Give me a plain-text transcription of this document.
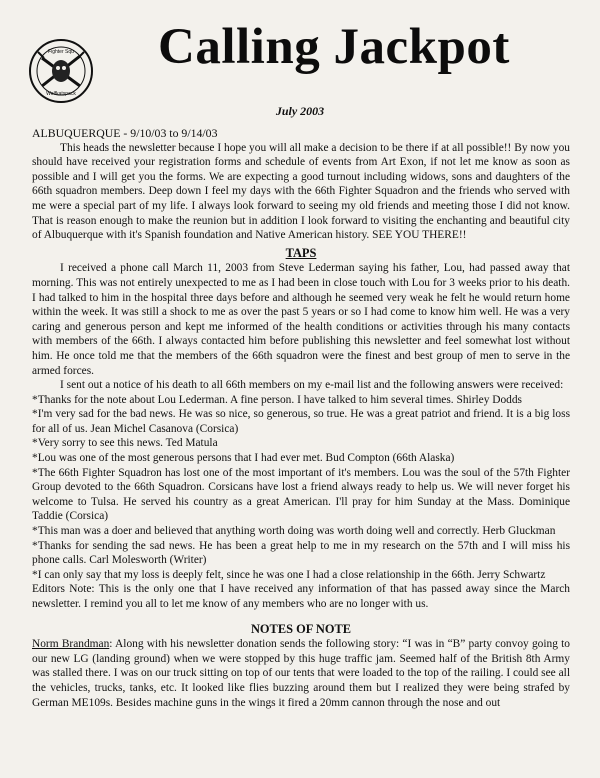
Fighter Squ
Wolfkatspack
Calling Jackpot
July 2003

ALBUQUERQUE - 9/10/03 to 9/14/03

This heads the newsletter because I hope you will all make a decision to be there if at all possible!! By now you should have received your registration forms and schedule of events from Art Exon, if not let me know as soon as possible and I will get you the forms. We are expecting a good turnout including widows, sons and daughters of the 66th squadron members. Deep down I feel my days with the 66th Fighter Squadron and the friends who served with me were a special part of my life. I always look forward to seeing my old friends and meeting those I did not know. That is reason enough to make the reunion but in addition I look forward to visiting the enchanting and beautiful city of Albuquerque with it's Spanish foundation and Native American history. SEE YOU THERE!!

TAPS

I received a phone call March 11, 2003 from Steve Lederman saying his father, Lou, had passed away that morning. This was not entirely unexpected to me as I had been in close touch with Lou for 3 weeks prior to his death. I had talked to him in the hospital three days before and although he seemed very weak he felt he would return home within the week. It was still a shock to me as over the past 5 years or so I had come to know him well. He was a very caring and generous person and kept me informed of the health conditions or activities through his many contacts with members of the 66th. I always contacted him before publishing this newsletter and feel somewhat lost without him. He once told me that the members of the 66th squadron were the finest and best group of men to serve in the armed forces.

I sent out a notice of his death to all 66th members on my e-mail list and the following answers were received:

*Thanks for the note about Lou Lederman. A fine person. I have talked to him several times. Shirley Dodds

*I'm very sad for the bad news. He was so nice, so generous, so true. He was a great patriot and friend. It is a big loss for all of us. Jean Michel Casanova (Corsica)

*Very sorry to see this news. Ted Matula

*Lou was one of the most generous persons that I had ever met. Bud Compton (66th Alaska)

*The 66th Fighter Squadron has lost one of the most important of it's members. Lou was the soul of the 57th Fighter Group devoted to the 66th Squadron. Corsicans have lost a friend always ready to help us. We will never forget his welcome to Tulsa. He served his country as a great American. I'll pray for him Sunday at the Mass. Dominique Taddie (Corsica)

*This man was a doer and believed that anything worth doing was worth doing well and correctly. Herb Gluckman

*Thanks for sending the sad news. He has been a great help to me in my research on the 57th and I will miss his phone calls. Carl Molesworth (Writer)

*I can only say that my loss is deeply felt, since he was one I had a close relationship in the 66th. Jerry Schwartz

Editors Note: This is the only one that I have received any information of that has passed away since the March newsletter. I remind you all to let me know of any members who are no longer with us.

NOTES OF NOTE

Norm Brandman: Along with his newsletter donation sends the following story: “I was in “B” party convoy going to our new LG (landing ground) when we were stopped by this huge traffic jam. Seemed half of the British 8th Army was stalled there. I was on our truck sitting on top of our tents that were loaded to the top of the railing. I could see all the vehicles, trucks, tanks, etc. It looked like flies buzzing around them but I realized they were being strafed by German ME109s. Besides machine guns in the wings it fired a 20mm cannon through the nose and out
